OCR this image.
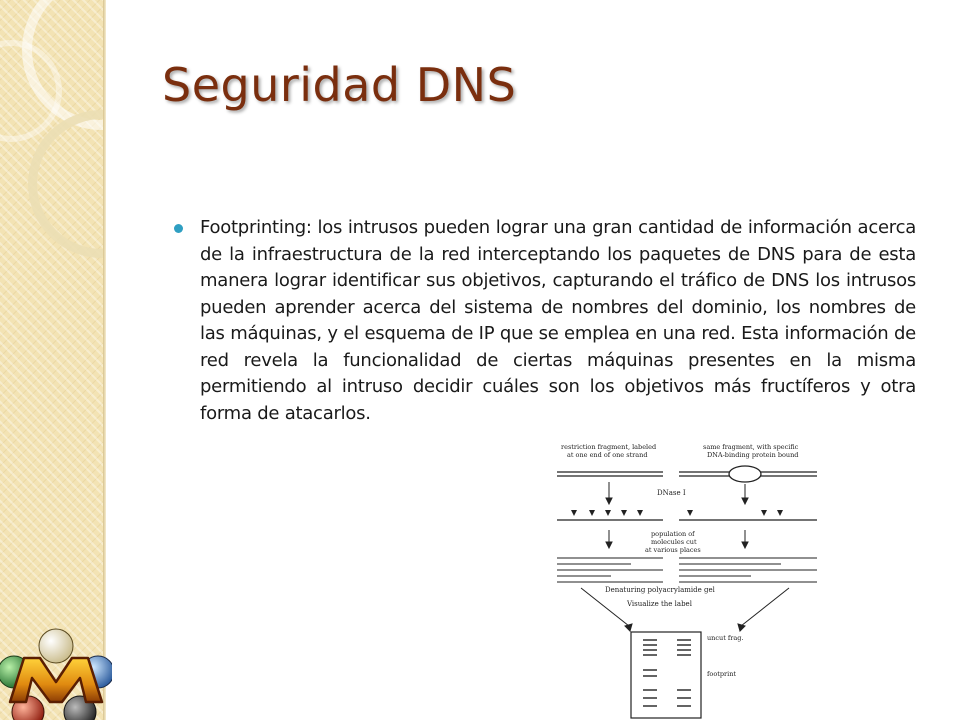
Seguridad DNS

Footprinting: los intrusos pueden lograr una gran cantidad de información acerca de la infraestructura de la red interceptando los paquetes de DNS para de esta manera lograr identificar sus objetivos, capturando el tráfico de DNS los intrusos pueden aprender acerca del sistema de nombres del dominio, los nombres de las máquinas, y el esquema de IP que se emplea en una red. Esta información de red revela la funcionalidad de ciertas máquinas presentes en la misma permitiendo al intruso decidir cuáles son los objetivos más fructíferos y otra forma de atacarlos.

restriction fragment, labeled
at one end of one strand
same fragment, with specific
DNA-binding protein bound
DNase I
population of
molecules cut
at various places
Denaturing polyacrylamide gel
Visualize the label
uncut frag.
footprint
